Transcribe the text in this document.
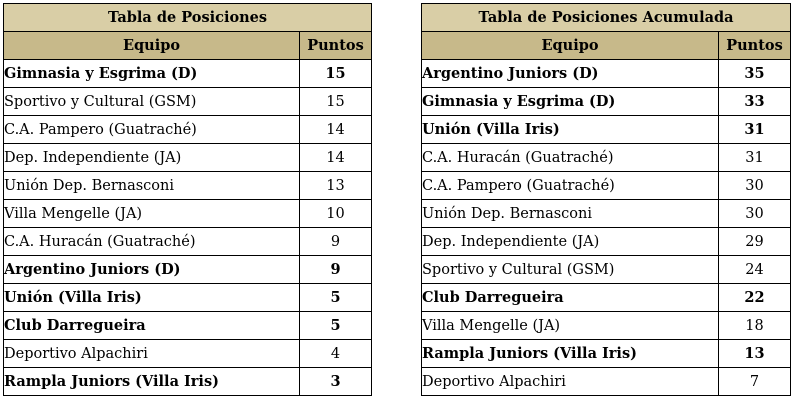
Tabla de Posiciones	
Equipo	Puntos
Gimnasia y Esgrima (D)	15
Sportivo y Cultural (GSM)	15
C.A. Pampero (Guatraché)	14
Dep. Independiente (JA)	14
Unión Dep. Bernasconi	13
Villa Mengelle (JA)	10
C.A. Huracán (Guatraché)	9
Argentino Juniors (D)	9
Unión (Villa Iris)	5
Club Darregueira	5
Deportivo Alpachiri	4
Rampla Juniors (Villa Iris)	3
Tabla de Posiciones Acumulada	
Equipo	Puntos
Argentino Juniors (D)	35
Gimnasia y Esgrima (D)	33
Unión (Villa Iris)	31
C.A. Huracán (Guatraché)	31
C.A. Pampero (Guatraché)	30
Unión Dep. Bernasconi	30
Dep. Independiente (JA)	29
Sportivo y Cultural (GSM)	24
Club Darregueira	22
Villa Mengelle (JA)	18
Rampla Juniors (Villa Iris)	13
Deportivo Alpachiri	7
